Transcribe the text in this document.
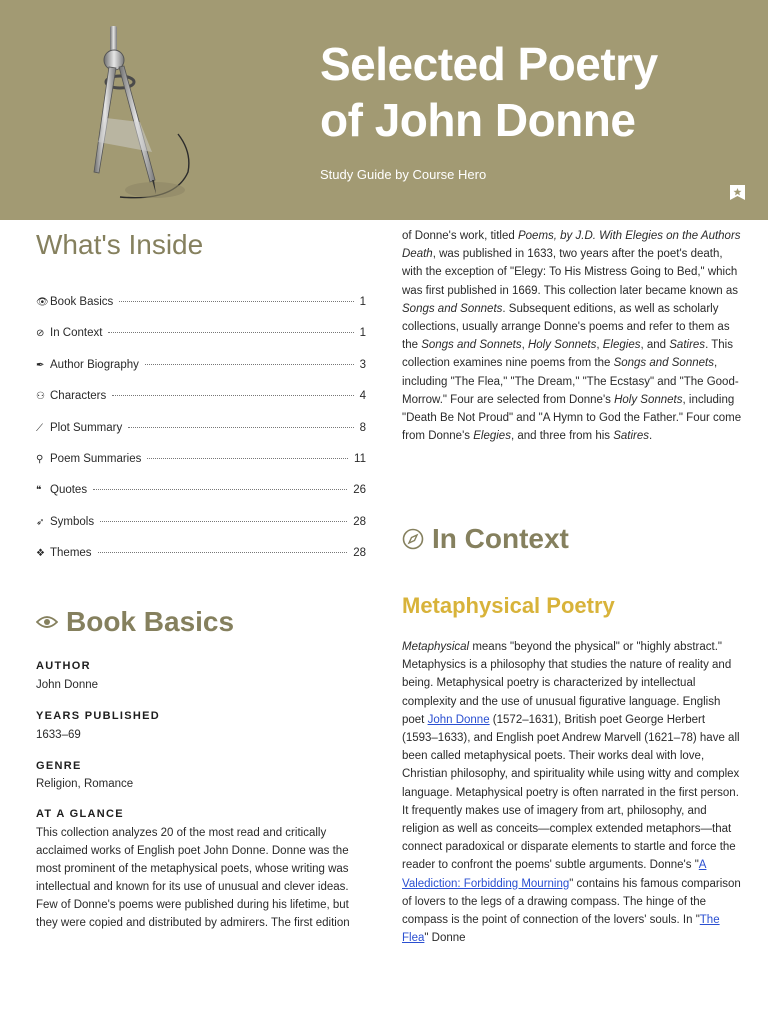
Selected Poetry
of John Donne
Study Guide by Course Hero
What's Inside
👁 Book Basics	1
⊘ In Context	1
✒ Author Biography	3
⚇ Characters	4
⟋ Plot Summary	8
⚲ Poem Summaries	11
❝ Quotes	26
➶ Symbols	28
❖ Themes	28
Book Basics
AUTHOR
John Donne
YEARS PUBLISHED
1633–69
GENRE
Religion, Romance
AT A GLANCE

This collection analyzes 20 of the most read and critically acclaimed works of English poet John Donne. Donne was the most prominent of the metaphysical poets, whose writing was intellectual and known for its use of unusual and clever ideas. Few of Donne's poems were published during his lifetime, but they were copied and distributed by admirers. The first edition

of Donne's work, titled Poems, by J.D. With Elegies on the Authors Death, was published in 1633, two years after the poet's death, with the exception of "Elegy: To His Mistress Going to Bed," which was first published in 1669. This collection later became known as Songs and Sonnets. Subsequent editions, as well as scholarly collections, usually arrange Donne's poems and refer to them as the Songs and Sonnets, Holy Sonnets, Elegies, and Satires. This collection examines nine poems from the Songs and Sonnets, including "The Flea," "The Dream," "The Ecstasy" and "The Good-Morrow." Four are selected from Donne's Holy Sonnets, including "Death Be Not Proud" and "A Hymn to God the Father." Four come from Donne's Elegies, and three from his Satires.

In Context
Metaphysical Poetry

Metaphysical means "beyond the physical" or "highly abstract." Metaphysics is a philosophy that studies the nature of reality and being. Metaphysical poetry is characterized by intellectual complexity and the use of unusual figurative language. English poet John Donne (1572–1631), British poet George Herbert (1593–1633), and English poet Andrew Marvell (1621–78) have all been called metaphysical poets. Their works deal with love, Christian philosophy, and spirituality while using witty and complex language. Metaphysical poetry is often narrated in the first person. It frequently makes use of imagery from art, philosophy, and religion as well as conceits—complex extended metaphors—that connect paradoxical or disparate elements to startle and force the reader to confront the poems' subtle arguments. Donne's "A Valediction: Forbidding Mourning" contains his famous comparison of lovers to the legs of a drawing compass. The hinge of the compass is the point of connection of the lovers' souls. In "The Flea" Donne
